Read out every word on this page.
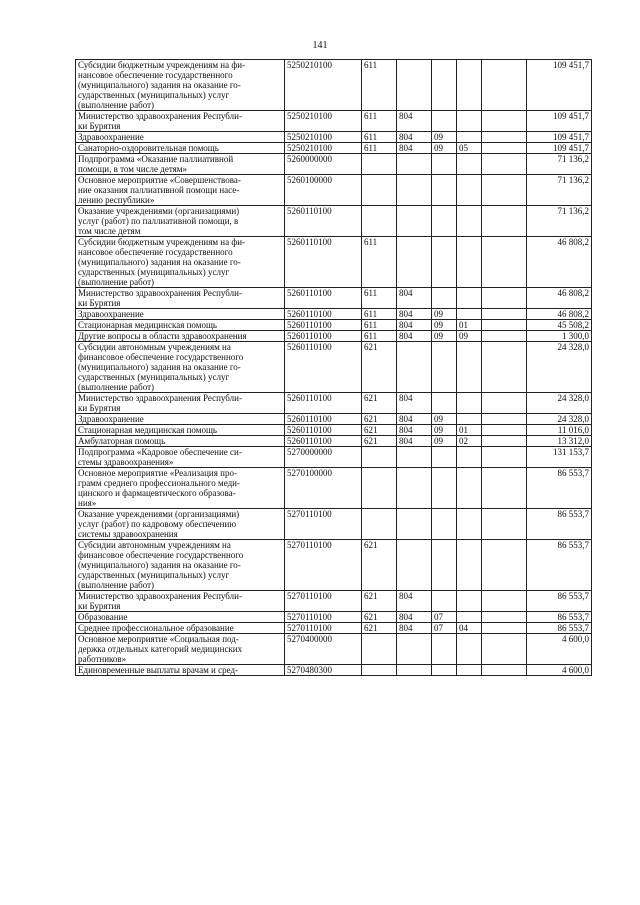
141
Субсидии бюджетным учреждениям на фи-
нансовое обеспечение государственного
(муниципального) задания на оказание го-
сударственных (муниципальных) услуг
(выполнение работ)	5250210100	611					109 451,7
Министерство здравоохранения Республи-
ки Бурятия	5250210100	611	804				109 451,7
Здравоохранение	5250210100	611	804	09			109 451,7
Санаторно-оздоровительная помощь	5250210100	611	804	09	05		109 451,7
Подпрограмма «Оказание паллиативной
помощи, в том числе детям»	5260000000						71 136,2
Основное мероприятие «Совершенствова-
ние оказания паллиативной помощи насе-
лению республики»	5260100000						71 136,2
Оказание учреждениями (организациями)
услуг (работ) по паллиативной помощи, в
том числе детям	5260110100						71 136,2
Субсидии бюджетным учреждениям на фи-
нансовое обеспечение государственного
(муниципального) задания на оказание го-
сударственных (муниципальных) услуг
(выполнение работ)	5260110100	611					46 808,2
Министерство здравоохранения Республи-
ки Бурятия	5260110100	611	804				46 808,2
Здравоохранение	5260110100	611	804	09			46 808,2
Стационарная медицинская помощь	5260110100	611	804	09	01		45 508,2
Другие вопросы в области здравоохранения	5260110100	611	804	09	09		1 300,0
Субсидии автономным учреждениям на
финансовое обеспечение государственного
(муниципального) задания на оказание го-
сударственных (муниципальных) услуг
(выполнение работ)	5260110100	621					24 328,0
Министерство здравоохранения Республи-
ки Бурятия	5260110100	621	804				24 328,0
Здравоохранение	5260110100	621	804	09			24 328,0
Стационарная медицинская помощь	5260110100	621	804	09	01		11 016,0
Амбулаторная помощь	5260110100	621	804	09	02		13 312,0
Подпрограмма «Кадровое обеспечение си-
стемы здравоохранения»	5270000000						131 153,7
Основное мероприятие «Реализация про-
грамм среднего профессионального меди-
цинского и фармацевтического образова-
ния»	5270100000						86 553,7
Оказание учреждениями (организациями)
услуг (работ) по кадровому обеспечению
системы здравоохранения	5270110100						86 553,7
Субсидии автономным учреждениям на
финансовое обеспечение государственного
(муниципального) задания на оказание го-
сударственных (муниципальных) услуг
(выполнение работ)	5270110100	621					86 553,7
Министерство здравоохранения Республи-
ки Бурятия	5270110100	621	804				86 553,7
Образование	5270110100	621	804	07			86 553,7
Среднее профессиональное образование	5270110100	621	804	07	04		86 553,7
Основное мероприятие «Социальная под-
держка отдельных категорий медицинских
работников»	5270400000						4 600,0
Единовременные выплаты врачам и сред-	5270480300						4 600,0
